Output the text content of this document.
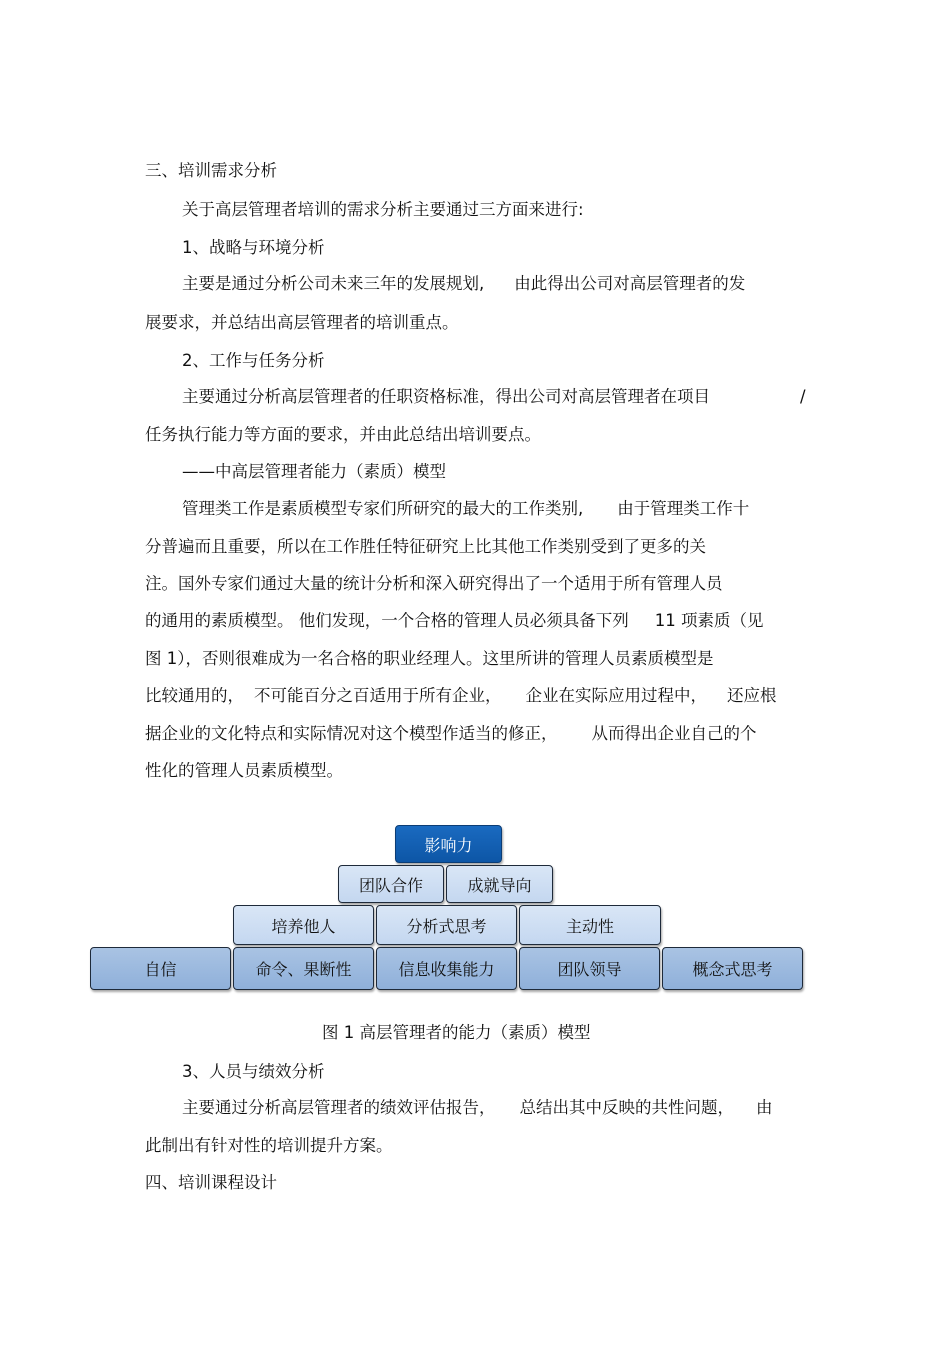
三、培训需求分析
关于高层管理者培训的需求分析主要通过三方面来进行:
1、战略与环境分析
主要是通过分析公司未来三年的发展规划, 由此得出公司对高层管理者的发
展要求，并总结出高层管理者的培训重点。
2、工作与任务分析
主要通过分析高层管理者的任职资格标准，得出公司对高层管理者在项目	/
任务执行能力等方面的要求，并由此总结出培训要点。
——中高层管理者能力（素质）模型
管理类工作是素质模型专家们所研究的最大的工作类别, 由于管理类工作十
分普遍而且重要，所以在工作胜任特征研究上比其他工作类别受到了更多的关
注。国外专家们通过大量的统计分析和深入研究得出了一个适用于所有管理人员
的通用的素质模型。 他们发现，一个合格的管理人员必须具备下列 11 项素质（见
图 1），否则很难成为一名合格的职业经理人。这里所讲的管理人员素质模型是
比较通用的， 不可能百分之百适用于所有企业， 企业在实际应用过程中， 还应根
据企业的文化特点和实际情况对这个模型作适当的修正， 从而得出企业自己的个
性化的管理人员素质模型。
影响力
团队合作	成就导向
培养他人	分析式思考	主动性
自信	命令、果断性	信息收集能力	团队领导	概念式思考
图 1 高层管理者的能力（素质）模型
3、人员与绩效分析
主要通过分析高层管理者的绩效评估报告， 总结出其中反映的共性问题， 由
此制出有针对性的培训提升方案。
四、培训课程设计
